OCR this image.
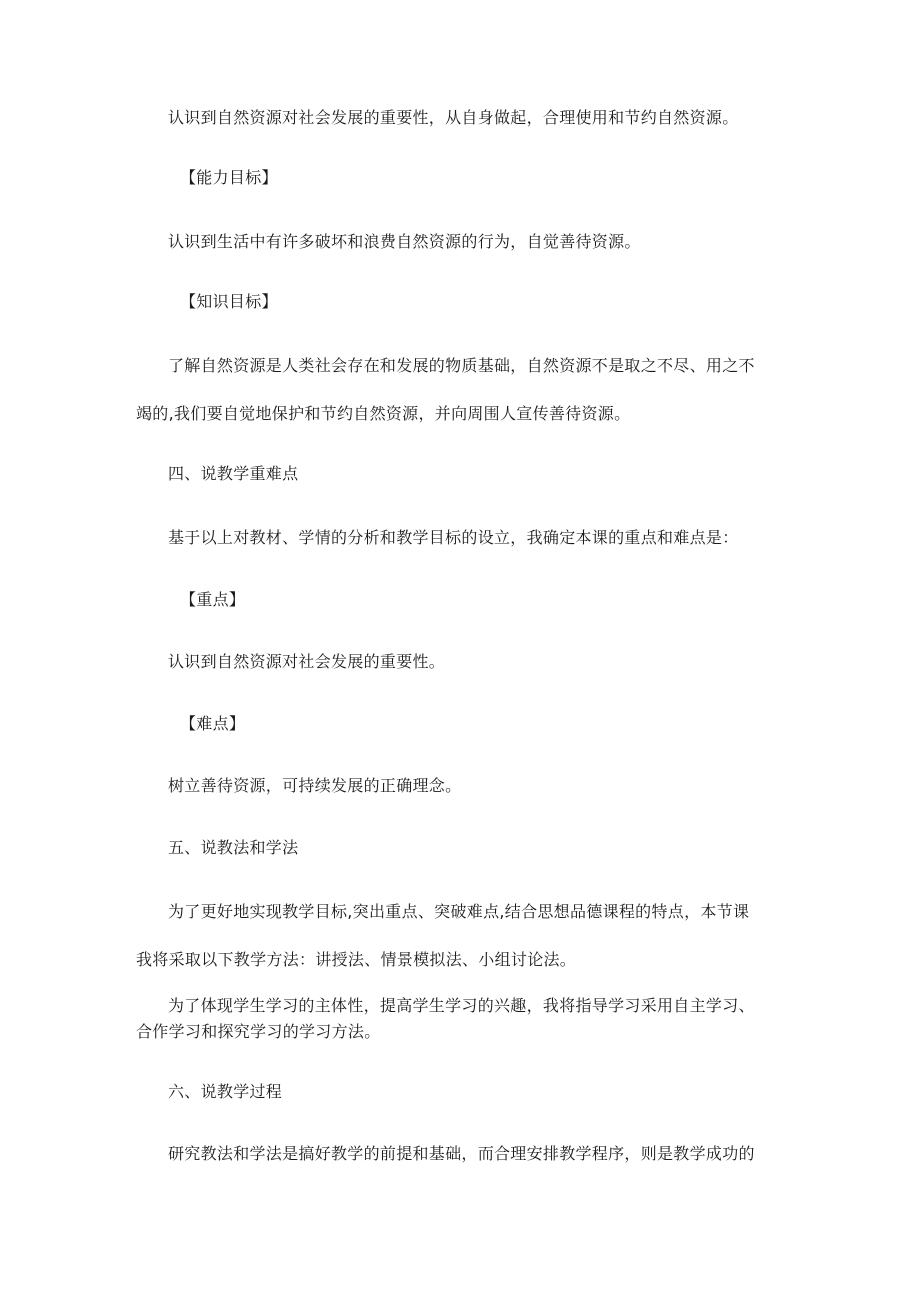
认识到自然资源对社会发展的重要性，从自身做起，合理使用和节约自然资源。
【能力目标】
认识到生活中有许多破坏和浪费自然资源的行为，自觉善待资源。
【知识目标】
了解自然资源是人类社会存在和发展的物质基础，自然资源不是取之不尽、用之不
竭的,我们要自觉地保护和节约自然资源，并向周围人宣传善待资源。
四、说教学重难点
基于以上对教材、学情的分析和教学目标的设立，我确定本课的重点和难点是：
【重点】
认识到自然资源对社会发展的重要性。
【难点】
树立善待资源，可持续发展的正确理念。
五、说教法和学法
为了更好地实现教学目标,突出重点、突破难点,结合思想品德课程的特点，本节课
我将采取以下教学方法：讲授法、情景模拟法、小组讨论法。
为了体现学生学习的主体性，提高学生学习的兴趣，我将指导学习采用自主学习、
合作学习和探究学习的学习方法。
六、说教学过程
研究教法和学法是搞好教学的前提和基础，而合理安排教学程序，则是教学成功的
